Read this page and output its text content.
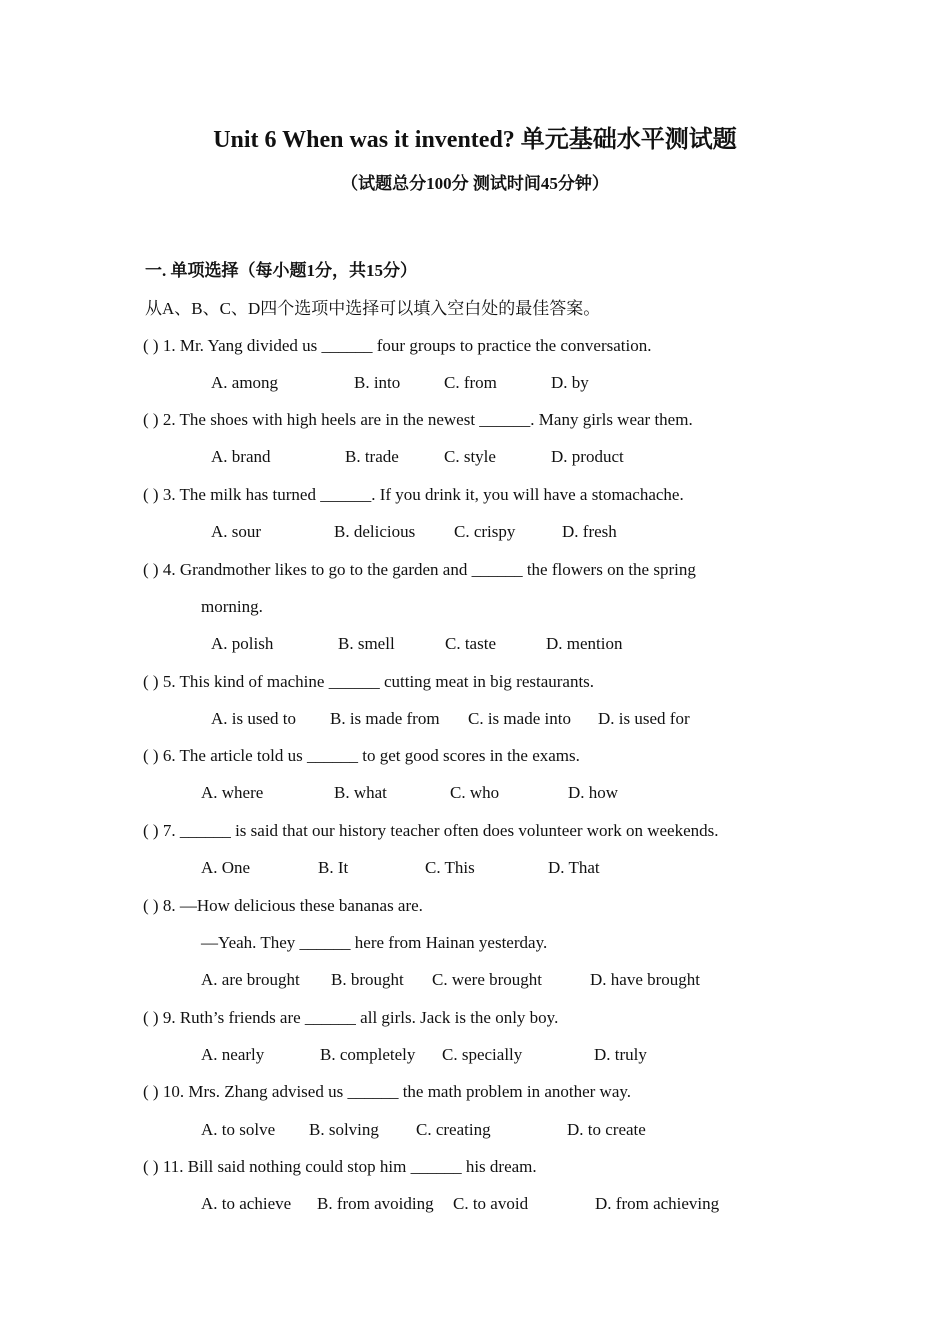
Unit 6 When was it invented? 单元基础水平测试题
（试题总分100分 测试时间45分钟）
一. 单项选择（每小题1分，共15分）
从A、B、C、D四个选项中选择可以填入空白处的最佳答案。
( ) 1. Mr. Yang divided us ______ four groups to practice the conversation.
A. among	B. into	C. from	D. by
( ) 2. The shoes with high heels are in the newest ______. Many girls wear them.
A. brand	B. trade	C. style	D. product
( ) 3. The milk has turned ______. If you drink it, you will have a stomachache.
A. sour	B. delicious C. crispy	D. fresh
( ) 4. Grandmother likes to go to the garden and ______ the flowers on the spring
morning.
A. polish	B. smell	C. taste	D. mention
( ) 5. This kind of machine ______ cutting meat in big restaurants.
A. is used to B. is made from C. is made into D. is used for
( ) 6. The article told us ______ to get good scores in the exams.
A. where	B. what	C. who	D. how
( ) 7. ______ is said that our history teacher often does volunteer work on weekends.
A. One	B. It	C. This	D. That
( ) 8. —How delicious these bananas are.
—Yeah. They ______ here from Hainan yesterday.
A. are brought B. brought C. were brought	D. have brought
( ) 9. Ruth’s friends are ______ all girls. Jack is the only boy.
A. nearly	B. completely C. specially	D. truly
( ) 10. Mrs. Zhang advised us ______ the math problem in another way.
A. to solve B. solving C. creating	D. to create
( ) 11. Bill said nothing could stop him ______ his dream.
A. to achieve B. from avoiding C. to avoid	D. from achieving
